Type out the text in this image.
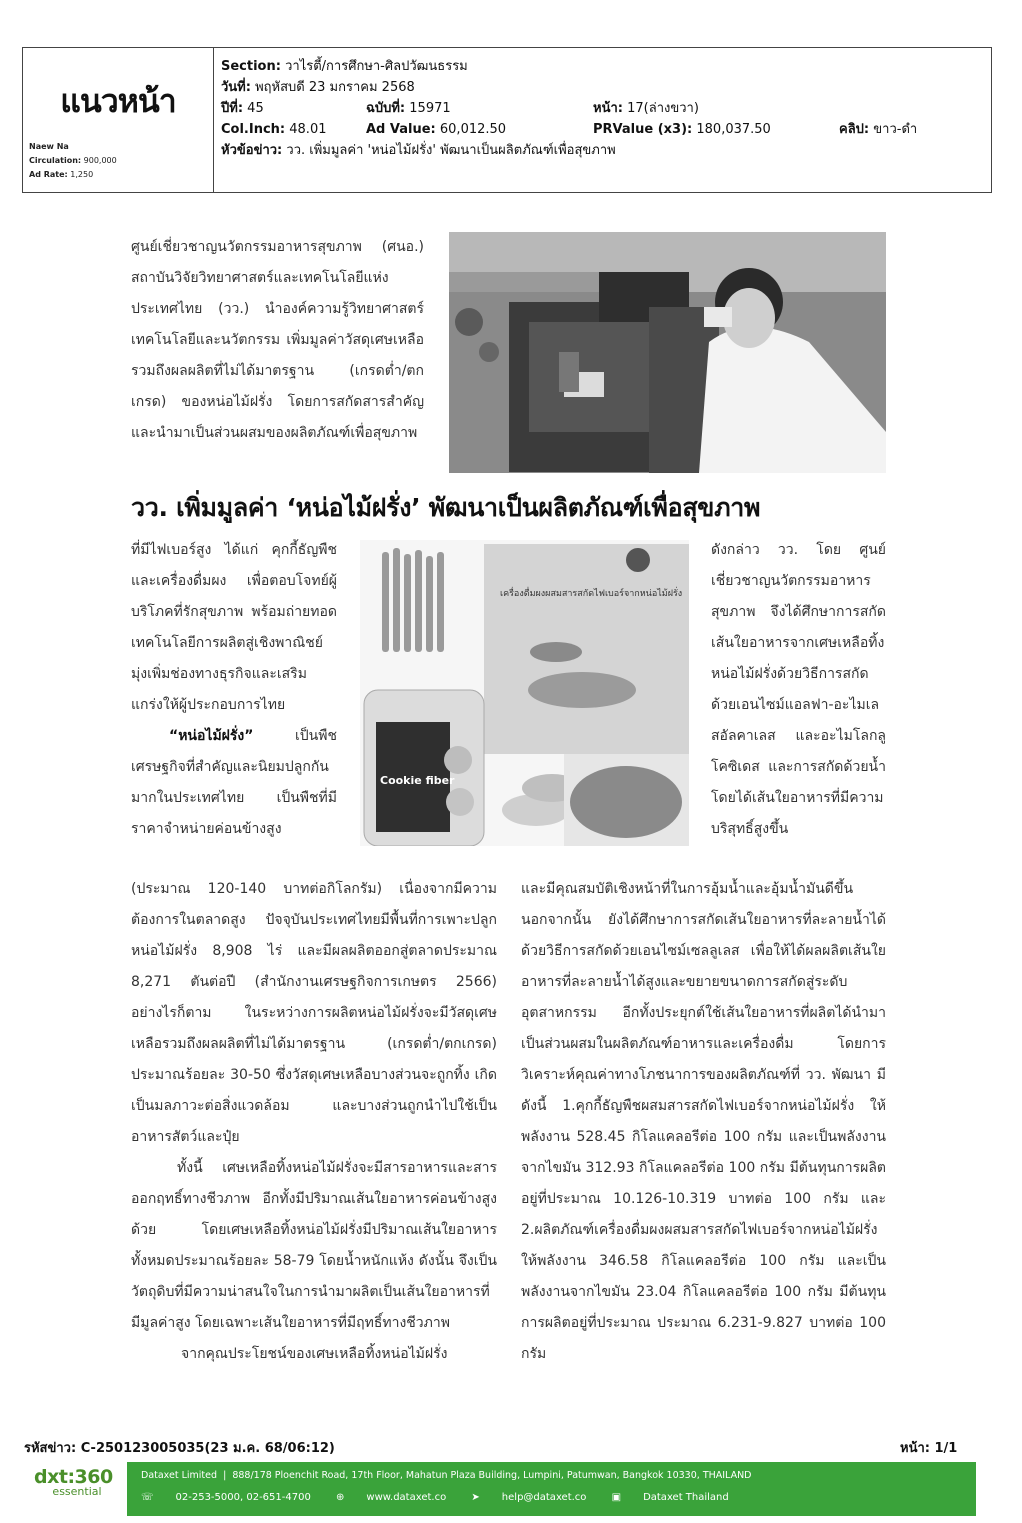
แนวหน้า
Naew Na
Circulation: 900,000
Ad Rate: 1,250
Section: วาไรตี้/การศึกษา-ศิลปวัฒนธรรม
วันที่: พฤหัสบดี 23 มกราคม 2568
ปีที่: 45	ฉบับที่: 15971	หน้า: 17(ล่างขวา)
Col.Inch: 48.01	Ad Value: 60,012.50	PRValue (x3): 180,037.50	คลิป: ขาว-ดำ
หัวข้อข่าว: วว. เพิ่มมูลค่า 'หน่อไม้ฝรั่ง' พัฒนาเป็นผลิตภัณฑ์เพื่อสุขภาพ
ศูนย์เชี่ยวชาญนวัตกรรมอาหารสุขภาพ (ศนอ.) สถาบันวิจัยวิทยาศาสตร์และเทคโนโลยีแห่งประเทศไทย (วว.) นำองค์ความรู้วิทยาศาสตร์ เทคโนโลยีและนวัตกรรม เพิ่มมูลค่าวัสดุเศษเหลือรวมถึงผลผลิตที่ไม่ได้มาตรฐาน (เกรดต่ำ/ตกเกรด) ของหน่อไม้ฝรั่ง โดยการสกัดสารสำคัญและนำมาเป็นส่วนผสมของผลิตภัณฑ์เพื่อสุขภาพ
วว. เพิ่มมูลค่า ‘หน่อไม้ฝรั่ง’ พัฒนาเป็นผลิตภัณฑ์เพื่อสุขภาพ
ที่มีไฟเบอร์สูง ได้แก่ คุกกี้ธัญพืช และเครื่องดื่มผง เพื่อตอบโจทย์ผู้บริโภคที่รักสุขภาพ พร้อมถ่ายทอดเทคโนโลยีการผลิตสู่เชิงพาณิชย์ มุ่งเพิ่มช่องทางธุรกิจและเสริมแกร่งให้ผู้ประกอบการไทย
“หน่อไม้ฝรั่ง” เป็นพืชเศรษฐกิจที่สำคัญและนิยมปลูกกันมากในประเทศไทย เป็นพืชที่มีราคาจำหน่ายค่อนข้างสูง
เครื่องดื่มผงผสมสารสกัดไฟเบอร์จากหน่อไม้ฝรั่ง
Cookie fiber
ดังกล่าว วว. โดย ศูนย์เชี่ยวชาญนวัตกรรมอาหารสุขภาพ จึงได้ศึกษาการสกัดเส้นใยอาหารจากเศษเหลือทิ้งหน่อไม้ฝรั่งด้วยวิธีการสกัดด้วยเอนไซม์แอลฟา-อะไมเลสอัลคาเลส และอะไมโลกลูโคซิเดส และการสกัดด้วยน้ำ โดยได้เส้นใยอาหารที่มีความบริสุทธิ์สูงขึ้น
(ประมาณ 120-140 บาทต่อกิโลกรัม) เนื่องจากมีความต้องการในตลาดสูง ปัจจุบันประเทศไทยมีพื้นที่การเพาะปลูกหน่อไม้ฝรั่ง 8,908 ไร่ และมีผลผลิตออกสู่ตลาดประมาณ 8,271 ตันต่อปี (สำนักงานเศรษฐกิจการเกษตร 2566) อย่างไรก็ตาม ในระหว่างการผลิตหน่อไม้ฝรั่งจะมีวัสดุเศษเหลือรวมถึงผลผลิตที่ไม่ได้มาตรฐาน (เกรดต่ำ/ตกเกรด) ประมาณร้อยละ 30-50 ซึ่งวัสดุเศษเหลือบางส่วนจะถูกทิ้ง เกิดเป็นมลภาวะต่อสิ่งแวดล้อม และบางส่วนถูกนำไปใช้เป็นอาหารสัตว์และปุ๋ย
ทั้งนี้ เศษเหลือทิ้งหน่อไม้ฝรั่งจะมีสารอาหารและสารออกฤทธิ์ทางชีวภาพ อีกทั้งมีปริมาณเส้นใยอาหารค่อนข้างสูงด้วย โดยเศษเหลือทิ้งหน่อไม้ฝรั่งมีปริมาณเส้นใยอาหารทั้งหมดประมาณร้อยละ 58-79 โดยน้ำหนักแห้ง ดังนั้น จึงเป็นวัตถุดิบที่มีความน่าสนใจในการนำมาผลิตเป็นเส้นใยอาหารที่มีมูลค่าสูง โดยเฉพาะเส้นใยอาหารที่มีฤทธิ์ทางชีวภาพ
จากคุณประโยชน์ของเศษเหลือทิ้งหน่อไม้ฝรั่ง
และมีคุณสมบัติเชิงหน้าที่ในการอุ้มน้ำและอุ้มน้ำมันดีขึ้น นอกจากนั้น ยังได้ศึกษาการสกัดเส้นใยอาหารที่ละลายน้ำได้ด้วยวิธีการสกัดด้วยเอนไซม์เซลลูเลส เพื่อให้ได้ผลผลิตเส้นใยอาหารที่ละลายน้ำได้สูงและขยายขนาดการสกัดสู่ระดับอุตสาหกรรม อีกทั้งประยุกต์ใช้เส้นใยอาหารที่ผลิตได้นำมาเป็นส่วนผสมในผลิตภัณฑ์อาหารและเครื่องดื่ม โดยการวิเคราะห์คุณค่าทางโภชนาการของผลิตภัณฑ์ที่ วว. พัฒนา มีดังนี้ 1.คุกกี้ธัญพืชผสมสารสกัดไฟเบอร์จากหน่อไม้ฝรั่ง ให้พลังงาน 528.45 กิโลแคลอรีต่อ 100 กรัม และเป็นพลังงานจากไขมัน 312.93 กิโลแคลอรีต่อ 100 กรัม มีต้นทุนการผลิตอยู่ที่ประมาณ 10.126-10.319 บาทต่อ 100 กรัม และ 2.ผลิตภัณฑ์เครื่องดื่มผงผสมสารสกัดไฟเบอร์จากหน่อไม้ฝรั่ง ให้พลังงาน 346.58 กิโลแคลอรีต่อ 100 กรัม และเป็นพลังงานจากไขมัน 23.04 กิโลแคลอรีต่อ 100 กรัม มีต้นทุนการผลิตอยู่ที่ประมาณ ประมาณ 6.231-9.827 บาทต่อ 100 กรัม
รหัสข่าว: C-250123005035(23 ม.ค. 68/06:12)	หน้า: 1/1
dxt:360
essential
Dataxet Limited  |  888/178 Ploenchit Road, 17th Floor, Mahatun Plaza Building, Lumpini, Patumwan, Bangkok 10330, THAILAND
☏ 02-253-5000, 02-651-4700	⊕ www.dataxet.co	➤ help@dataxet.co	▣ Dataxet Thailand
